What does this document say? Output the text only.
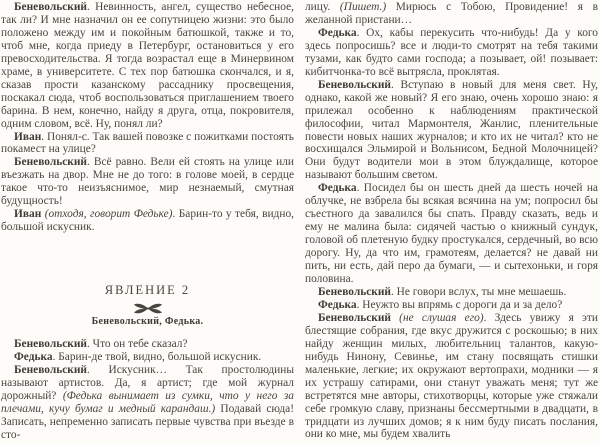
Беневольский. Невинность, ангел, существо небесное, так ли? И мне назначил он ее сопутницею жизни: это было положено между им и покойным батюшкой, также и то, чтоб мне, когда приеду в Петербург, остановиться у его превосходительства. Я тогда возрастал еще в Минервином храме, в университете. С тех пор батюшка скончался, и я, сказав прости казанскому рассаднику просвещения, поскакал сюда, чтоб воспользоваться приглашением твоего барина. В нем, конечно, найду я друга, отца, покровителя, одним словом, всё. Ну, понял ли?

Иван. Понял-с. Так вашей повозке с пожитками постоять покамест на улице?

Беневольский. Всё равно. Вели ей стоять на улице или въезжать на двор. Мне не до того: в голове моей, в сердце такое что-то неизъяснимое, мир незнаемый, смутная будущность!

Иван (отходя, говорит Федьке). Барин-то у тебя, видно, большой искусник.

ЯВЛЕНИЕ 2
Беневольский, Федька.

Беневольский. Что он тебе сказал?

Федька. Барин-де твой, видно, большой искусник.

Беневольский. Искусник… Так простолюдины называют артистов. Да, я артист; где мой журнал дорожный? (Федька вынимает из сумки, что у него за плечами, кучу бумаг и медный карандаш.) Подавай сюда! Записать, непременно записать первые чувства при въезде в сто-

лицу. (Пишет.) Мирюсь с Тобою, Провидение! я в желанной пристани…

Федька. Ох, кабы перекусить что-нибудь! Да у кого здесь попросишь? все и люди-то смотрят на тебя такими тузами, как будто сами господа; а позывает, ой! позывает: кибитчонка-то всё вытрясла, проклятая.

Беневольский. Вступаю в новый для меня свет. Ну, однако, какой же новый? Я его знаю, очень хорошо знаю: я прилежал особенно к наблюдениям практической философии, читал Мармонтеля, Жанлис, пленительные повести новых наших журналов; и кто их не читал? кто не восхищался Эльмирой и Вольнисом, Бедной Молочницей? Они будут водители мои в этом блуждалище, которое называют большим светом.

Федька. Посидел бы он шесть дней да шесть ночей на облучке, не взбрела бы всякая всячина на ум; попросил бы съестного да завалился бы спать. Правду сказать, ведь и ему не малина была: сидячей частью о книжный сундук, головой об плетеную будку простукался, сердечный, во всю дорогу. Ну, да что им, грамотеям, делается? не давай ни пить, ни есть, дай перо да бумаги, — и сытехоньки, и горя половина.

Беневольский. Не говори вслух, ты мне мешаешь.

Федька. Неужто вы впрямь с дороги да и за дело?

Беневольский (не слушая его). Здесь увижу я эти блестящие собрания, где вкус дружится с роскошью; в них найду женщин милых, любительниц талантов, какую-нибудь Нинону, Севинье, им стану посвящать стишки маленькие, легкие; их окружают вертопрахи, модники — я их устрашу сатирами, они станут уважать меня; тут же встретятся мне авторы, стихотворцы, которые уже стяжали себе громкую славу, признаны бессмертными в двадцати, в тридцати из лучших домов; я к ним буду писать послания, они ко мне, мы будем хвалить
